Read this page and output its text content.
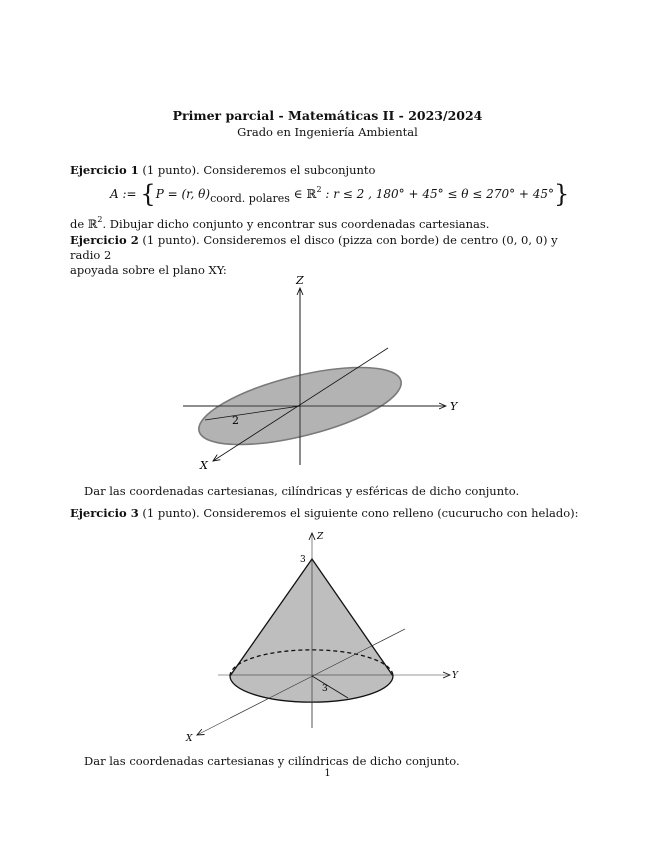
Primer parcial - Matemáticas II - 2023/2024
Grado en Ingeniería Ambiental
Ejercicio 1 (1 punto). Consideremos el subconjunto
A := {P = (r, θ)coord. polares ∈ ℝ$^2$ : r ≤ 2 , 180° + 45° ≤ θ ≤ 270° + 45°}
de ℝ$^2$. Dibujar dicho conjunto y encontrar sus coordenadas cartesianas.
Ejercicio 2 (1 punto). Consideremos el disco (pizza con borde) de centro (0, 0, 0) y radio 2
apoyada sobre el plano XY:
Z
Y
X
2
Z
3
Y
X
3
Dar las coordenadas cartesianas, cilíndricas y esféricas de dicho conjunto.
Ejercicio 3 (1 punto). Consideremos el siguiente cono relleno (cucurucho con helado):
Dar las coordenadas cartesianas y cilíndricas de dicho conjunto.
1
